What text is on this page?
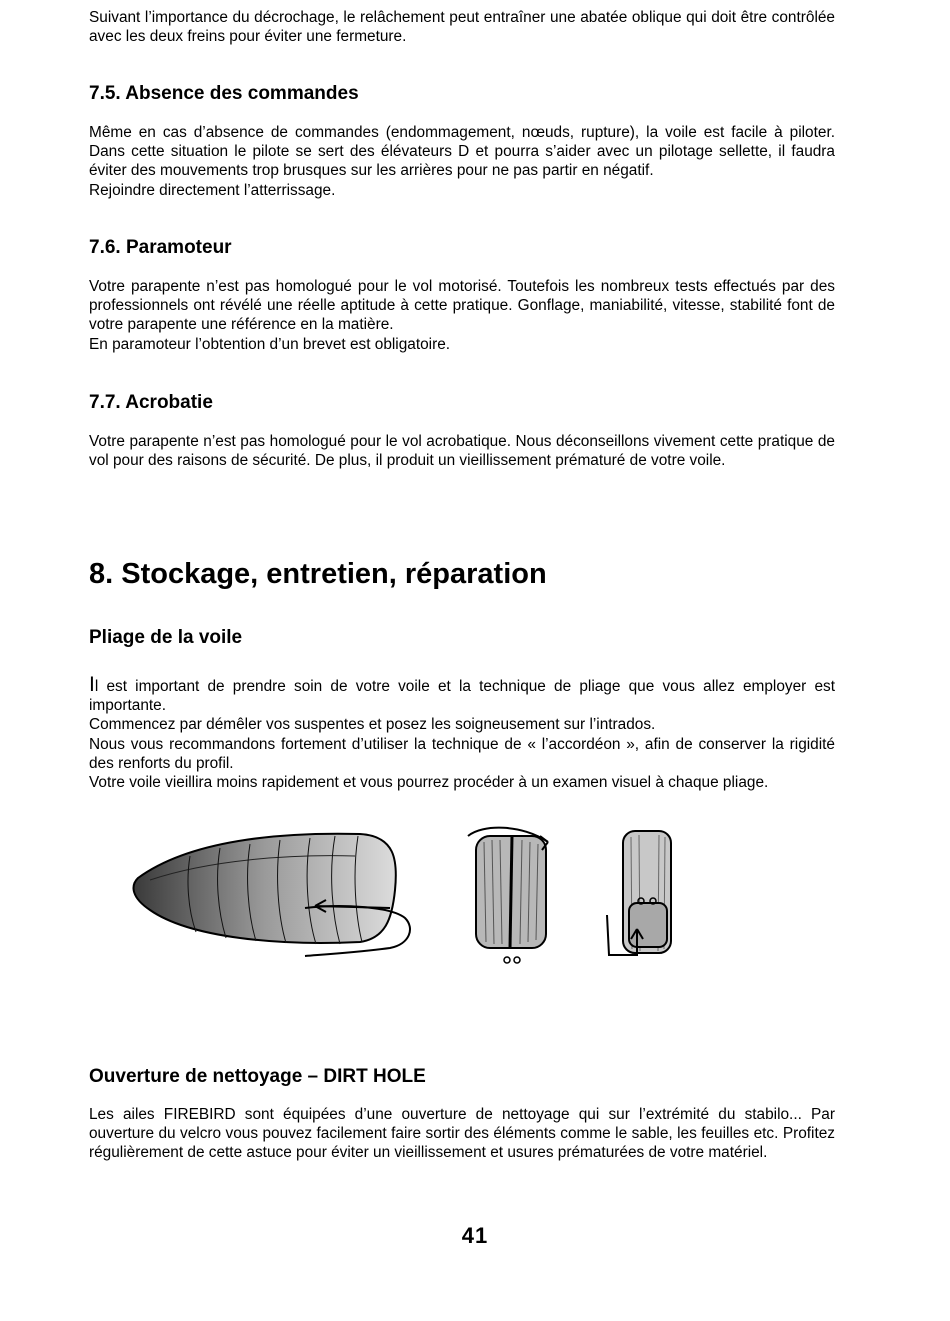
Suivant l’importance du décrochage, le relâchement peut entraîner une abatée oblique qui doit être contrôlée avec les deux freins pour éviter une fermeture.

7.5. Absence des commandes

Même en cas d’absence de commandes (endommagement, nœuds, rupture), la voile est facile à piloter. Dans cette situation le pilote se sert des élévateurs D et pourra s’aider avec un pilotage sellette, il faudra éviter des mouvements trop brusques sur les arrières pour ne pas partir en négatif.

Rejoindre directement l’atterrissage.

7.6. Paramoteur

Votre parapente n’est pas homologué pour le vol motorisé. Toutefois les nombreux tests effectués par des professionnels ont révélé une réelle aptitude à cette pratique. Gonflage, maniabilité, vitesse, stabilité font de votre parapente une référence en la matière.

En paramoteur l’obtention d’un brevet est obligatoire.

7.7. Acrobatie

Votre parapente n’est pas homologué pour le vol acrobatique. Nous déconseillons vivement cette pratique de vol pour des raisons de sécurité. De plus, il produit un vieillissement prématuré de votre voile.

8. Stockage, entretien, réparation
Pliage de la voile

Il est important de prendre soin de votre voile et la technique de pliage que vous allez employer est importante.

Commencez par démêler vos suspentes et posez les soigneusement sur l’intrados.

Nous vous recommandons fortement d’utiliser la technique de « l’accordéon », afin de conserver la rigidité des renforts du profil.

Votre voile vieillira moins rapidement et vous pourrez procéder à un examen visuel à chaque pliage.

Ouverture de nettoyage – DIRT HOLE

Les ailes FIREBIRD sont équipées d’une ouverture de nettoyage qui sur l’extrémité du stabilo... Par ouverture du velcro vous pouvez facilement faire sortir des éléments comme le sable, les feuilles etc. Profitez régulièrement de cette astuce pour éviter un vieillissement et usures prématurées de votre matériel.

41
